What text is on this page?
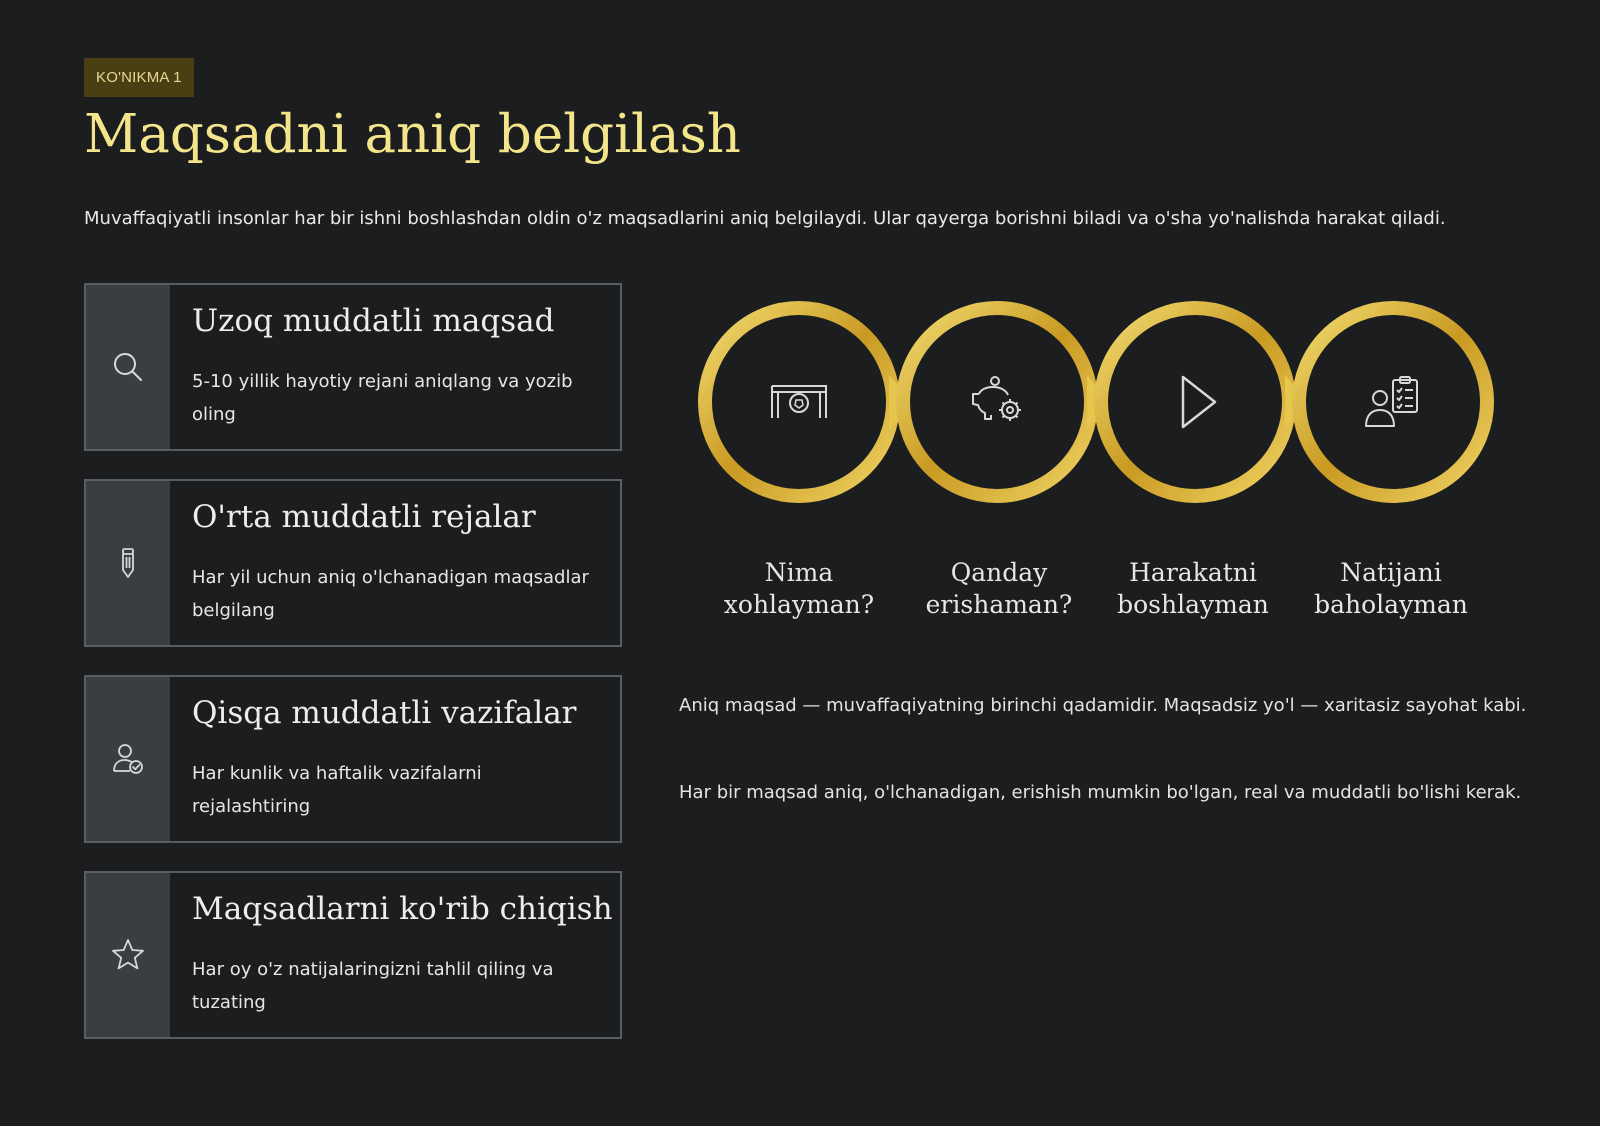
KO'NIKMA 1
Maqsadni aniq belgilash

Muvaffaqiyatli insonlar har bir ishni boshlashdan oldin o'z maqsadlarini aniq belgilaydi. Ular qayerga borishni biladi va o'sha yo'nalishda harakat qiladi.

Uzoq muddatli maqsad
5-10 yillik hayotiy rejani aniqlang va yozib oling
O'rta muddatli rejalar
Har yil uchun aniq o'lchanadigan maqsadlar belgilang
Qisqa muddatli vazifalar
Har kunlik va haftalik vazifalarni rejalashtiring
Maqsadlarni ko'rib chiqish
Har oy o'z natijalaringizni tahlil qiling va tuzating
Nima xohlayman?
Qanday erishaman?
Harakatni boshlayman
Natijani baholayman

Aniq maqsad — muvaffaqiyatning birinchi qadamidir. Maqsadsiz yo'l — xaritasiz sayohat kabi.

Har bir maqsad aniq, o'lchanadigan, erishish mumkin bo'lgan, real va muddatli bo'lishi kerak.
